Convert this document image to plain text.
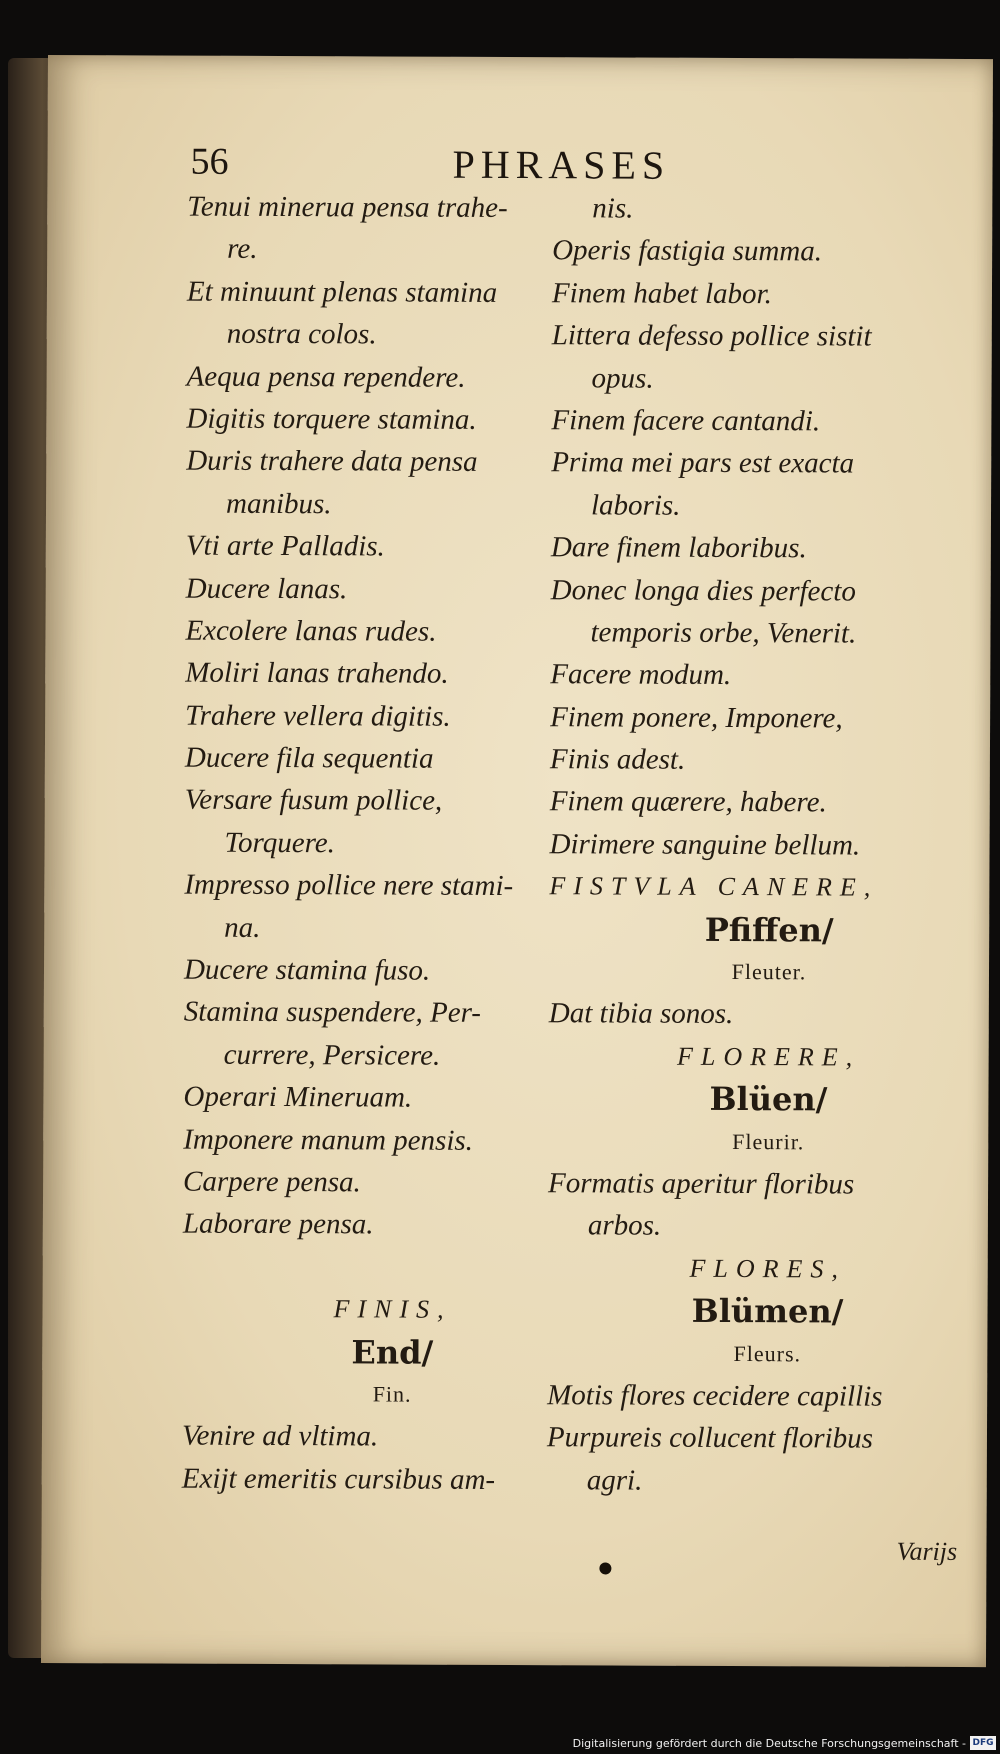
56	PHRASES
Tenui minerua pensa trahe-
re.
Et minuunt plenas stamina
nostra colos.
Aequa pensa rependere.
Digitis torquere stamina.
Duris trahere data pensa
manibus.
Vti arte Palladis.
Ducere lanas.
Excolere lanas rudes.
Moliri lanas trahendo.
Trahere vellera digitis.
Ducere fila sequentia
Versare fusum pollice,
Torquere.
Impresso pollice nere stami-
na.
Ducere stamina fuso.
Stamina suspendere, Per-
currere, Persicere.
Operari Mineruam.
Imponere manum pensis.
Carpere pensa.
Laborare pensa.
FINIS,
End/
Fin.
Venire ad vltima.
Exijt emeritis cursibus am-
nis.
Operis fastigia summa.
Finem habet labor.
Littera defesso pollice sistit
opus.
Finem facere cantandi.
Prima mei pars est exacta
laboris.
Dare finem laboribus.
Donec longa dies perfecto
temporis orbe, Venerit.
Facere modum.
Finem ponere, Imponere,
Finis adest.
Finem quærere, habere.
Dirimere sanguine bellum.
FISTVLA CANERE,
Pfiffen/
Fleuter.
Dat tibia sonos.
FLORERE,
Blüen/
Fleurir.
Formatis aperitur floribus
arbos.
FLORES,
Blümen/
Fleurs.
Motis flores cecidere capillis
Purpureis collucent floribus
agri.
Varijs
Digitalisierung gefördert durch die Deutsche Forschungsgemeinschaft - DFG
